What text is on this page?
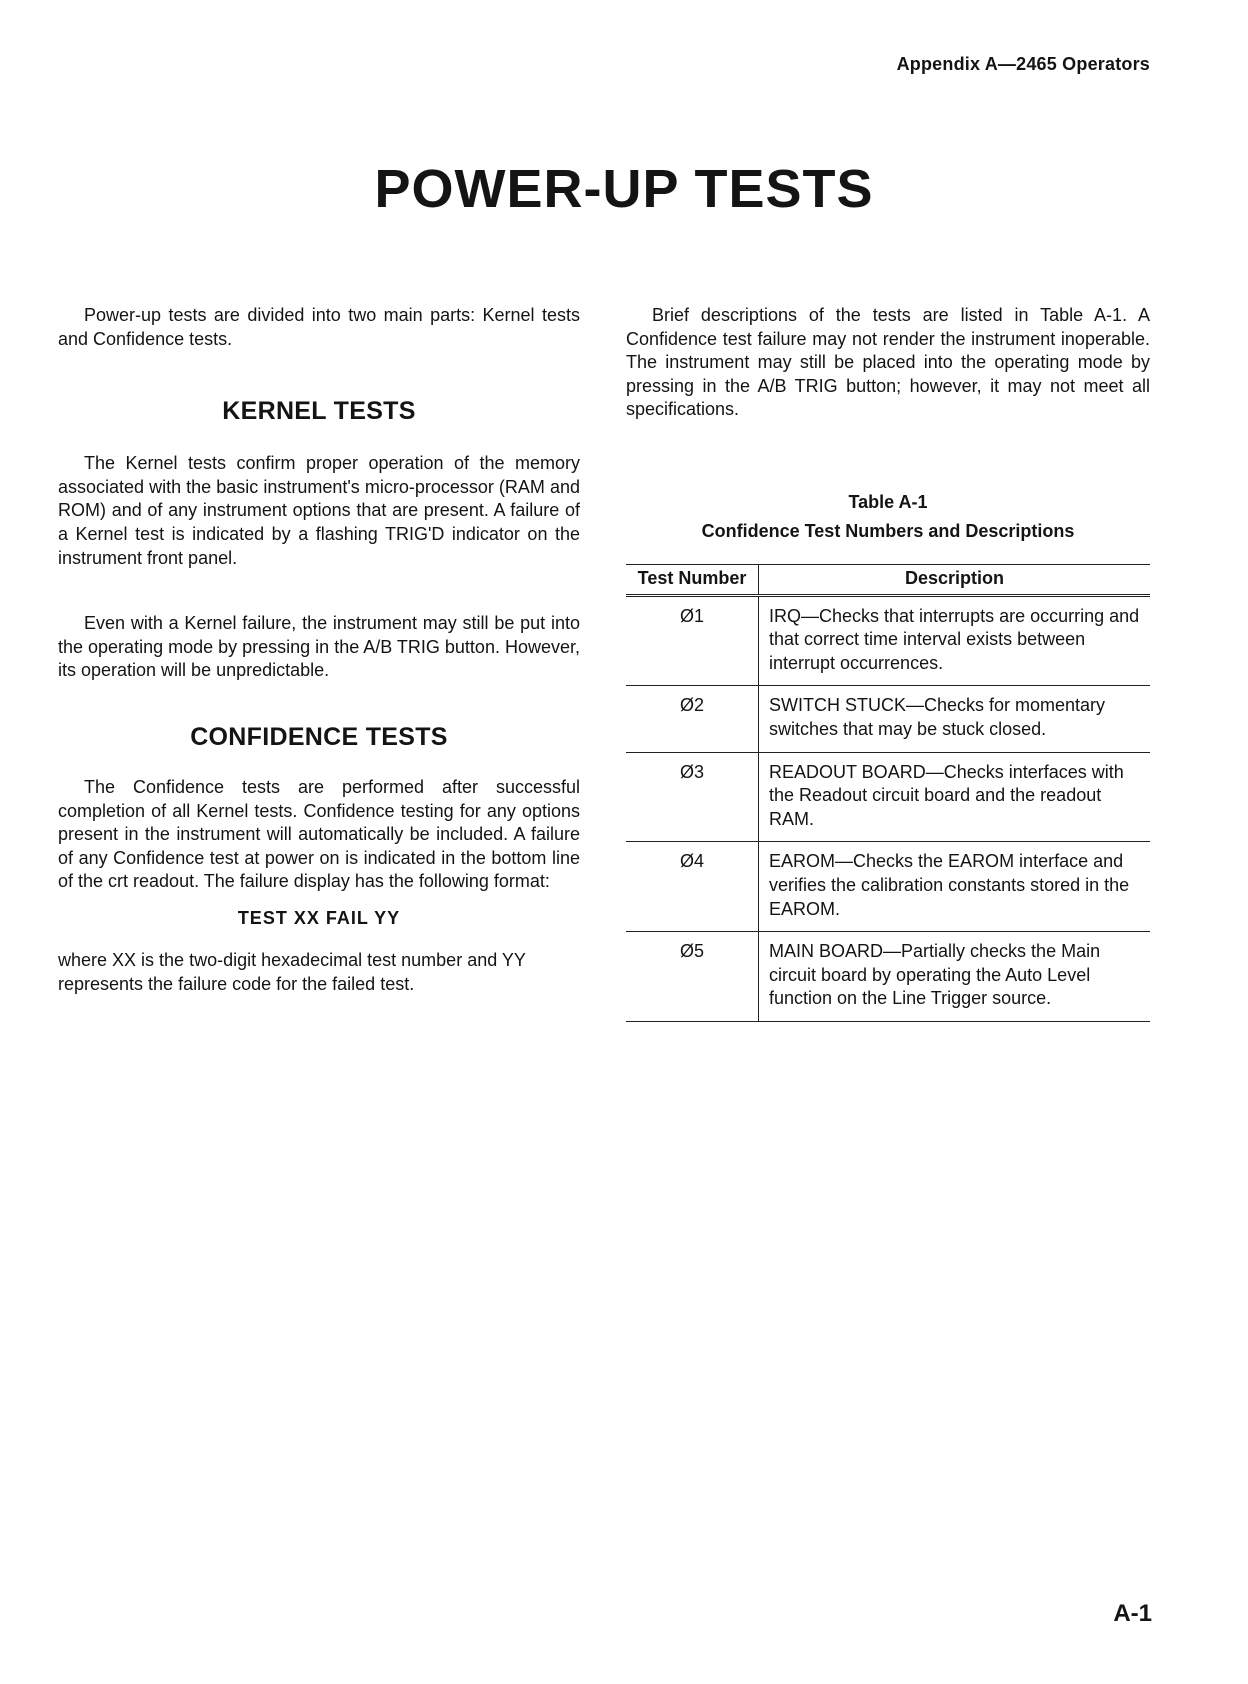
Appendix A—2465 Operators
POWER-UP TESTS

Power-up tests are divided into two main parts: Kernel tests and Confidence tests.

KERNEL TESTS

The Kernel tests confirm proper operation of the memory associated with the basic instrument's micro-processor (RAM and ROM) and of any instrument options that are present. A failure of a Kernel test is indicated by a flashing TRIG'D indicator on the instrument front panel.

Even with a Kernel failure, the instrument may still be put into the operating mode by pressing in the A/B TRIG button. However, its operation will be unpredictable.

CONFIDENCE TESTS

The Confidence tests are performed after successful completion of all Kernel tests. Confidence testing for any options present in the instrument will automatically be included. A failure of any Confidence test at power on is indicated in the bottom line of the crt readout. The failure display has the following format:

TEST XX FAIL YY

where XX is the two-digit hexadecimal test number and YY represents the failure code for the failed test.

Brief descriptions of the tests are listed in Table A-1. A Confidence test failure may not render the instrument inoperable. The instrument may still be placed into the operating mode by pressing in the A/B TRIG button; however, it may not meet all specifications.

Table A-1

Confidence Test Numbers and Descriptions

Test Number	Description
Ø1	IRQ—Checks that interrupts are occurring and that correct time interval exists between interrupt occurrences.
Ø2	SWITCH STUCK—Checks for momentary switches that may be stuck closed.
Ø3	READOUT BOARD—Checks interfaces with the Readout circuit board and the readout RAM.
Ø4	EAROM—Checks the EAROM interface and verifies the calibration constants stored in the EAROM.
Ø5	MAIN BOARD—Partially checks the Main circuit board by operating the Auto Level function on the Line Trigger source.
A-1
